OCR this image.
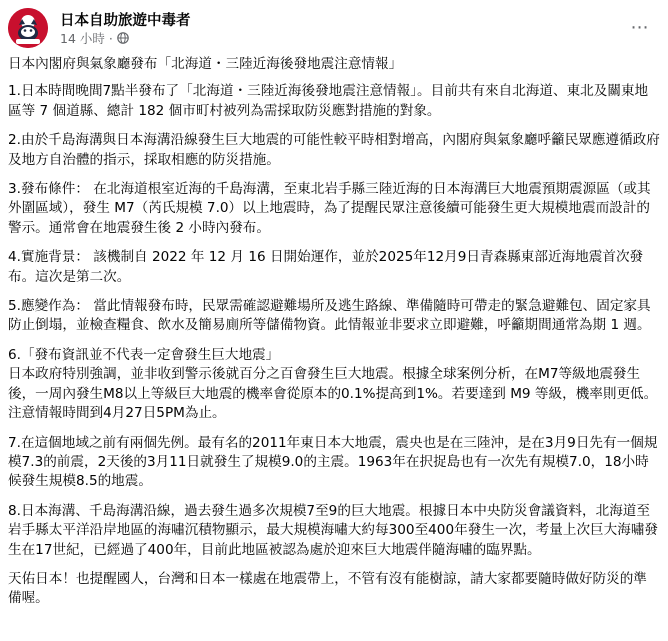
日本自助旅遊中毒者
14 小時 ·	⋯

日本內閣府與氣象廳發布「北海道・三陸近海後發地震注意情報」

1.日本時間晚間7點半發布了「北海道・三陸近海後發地震注意情報」。目前共有來自北海道、東北及關東地區等 7 個道縣、總計 182 個市町村被列為需採取防災應對措施的對象。

2.由於千島海溝與日本海溝沿線發生巨大地震的可能性較平時相對增高，內閣府與氣象廳呼籲民眾應遵循政府及地方自治體的指示，採取相應的防災措施。

3.發布條件： 在北海道根室近海的千島海溝，至東北岩手縣三陸近海的日本海溝巨大地震預期震源區（或其外圍區域），發生 M7（芮氏規模 7.0）以上地震時，為了提醒民眾注意後續可能發生更大規模地震而設計的警示。通常會在地震發生後 2 小時內發布。

4.實施背景： 該機制自 2022 年 12 月 16 日開始運作，並於2025年12月9日青森縣東部近海地震首次發布。這次是第二次。

5.應變作為： 當此情報發布時，民眾需確認避難場所及逃生路線、準備隨時可帶走的緊急避難包、固定家具防止倒塌，並檢查糧食、飲水及簡易廁所等儲備物資。此情報並非要求立即避難，呼籲期間通常為期 1 週。

6.「發布資訊並不代表一定會發生巨大地震」
日本政府特別強調，並非收到警示後就百分之百會發生巨大地震。根據全球案例分析，在M7等級地震發生後，一周內發生M8以上等級巨大地震的機率會從原本的0.1%提高到1%。若要達到 M9 等級，機率則更低。注意情報時間到4月27日5PM為止。

7.在這個地域之前有兩個先例。最有名的2011年東日本大地震，震央也是在三陸沖，是在3月9日先有一個規模7.3的前震，2天後的3月11日就發生了規模9.0的主震。1963年在択捉島也有一次先有規模7.0，18小時候發生規模8.5的地震。

8.日本海溝、千島海溝沿線，過去發生過多次規模7至9的巨大地震。根據日本中央防災會議資料，北海道至岩手縣太平洋沿岸地區的海嘯沉積物顯示，最大規模海嘯大約每300至400年發生一次，考量上次巨大海嘯發生在17世紀，已經過了400年，目前此地區被認為處於迎來巨大地震伴隨海嘯的臨界點。

天佑日本！也提醒國人，台灣和日本一樣處在地震帶上，不管有沒有能樹諒，請大家都要隨時做好防災的準備喔。
